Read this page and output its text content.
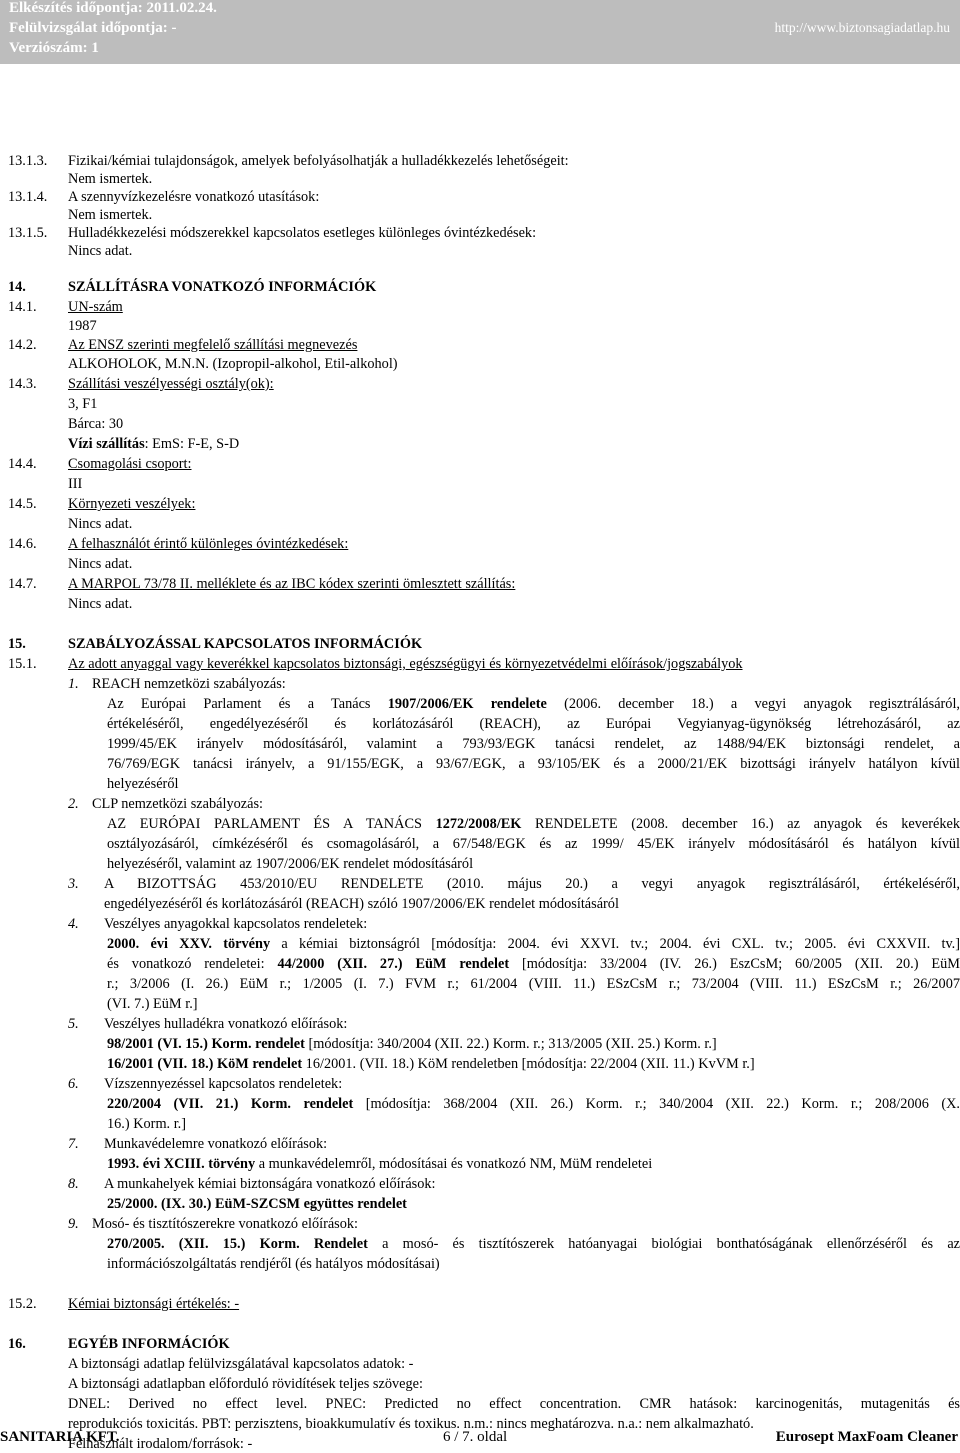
Elkészítés időpontja: 2011.02.24.
Felülvizsgálat időpontja: -
Verziószám: 1
http://www.biztonsagiadatlap.hu
13.1.3. Fizikai/kémiai tulajdonságok, amelyek befolyásolhatják a hulladékkezelés lehetőségeit:
Nem ismertek.
13.1.4. A szennyvízkezelésre vonatkozó utasítások:
Nem ismertek.
13.1.5. Hulladékkezelési módszerekkel kapcsolatos esetleges különleges óvintézkedések:
Nincs adat.
14.	SZÁLLÍTÁSRA VONATKOZÓ INFORMÁCIÓK
14.1. UN-szám
1987
14.2. Az ENSZ szerinti megfelelő szállítási megnevezés
ALKOHOLOK, M.N.N. (Izopropil-alkohol, Etil-alkohol)
14.3. Szállítási veszélyességi osztály(ok):
3, F1
Bárca: 30
Vízi szállítás: EmS: F-E, S-D
14.4. Csomagolási csoport:
III
14.5. Környezeti veszélyek:
Nincs adat.
14.6. A felhasználót érintő különleges óvintézkedések:
Nincs adat.
14.7. A MARPOL 73/78 II. melléklete és az IBC kódex szerinti ömlesztett szállítás:
Nincs adat.
15.	SZABÁLYOZÁSSAL KAPCSOLATOS INFORMÁCIÓK
15.1. Az adott anyaggal vagy keverékkel kapcsolatos biztonsági, egészségügyi és környezetvédelmi előírások/jogszabályok
1. REACH nemzetközi szabályozás:
Az Európai Parlament és a Tanács 1907/2006/EK rendelete (2006. december 18.) a vegyi anyagok regisztrálásáról,
értékeléséről, engedélyezéséről és korlátozásáról (REACH), az Európai Vegyianyag-ügynökség létrehozásáról, az
1999/45/EK irányelv módosításáról, valamint a 793/93/EGK tanácsi rendelet, az 1488/94/EK biztonsági rendelet, a
76/769/EGK tanácsi irányelv, a 91/155/EGK, a 93/67/EGK, a 93/105/EK és a 2000/21/EK bizottsági irányelv hatályon kívül
helyezéséről
2. CLP nemzetközi szabályozás:
AZ EURÓPAI PARLAMENT ÉS A TANÁCS 1272/2008/EK RENDELETE (2008. december 16.) az anyagok és keverékek
osztályozásáról, címkézéséről és csomagolásáról, a 67/548/EGK és az 1999/ 45/EK irányelv módosításáról és hatályon kívül
helyezéséről, valamint az 1907/2006/EK rendelet módosításáról
3. A BIZOTTSÁG 453/2010/EU RENDELETE (2010. május 20.) a vegyi anyagok regisztrálásáról, értékeléséről,
engedélyezéséről és korlátozásáról (REACH) szóló 1907/2006/EK rendelet módosításáról
4. Veszélyes anyagokkal kapcsolatos rendeletek:
2000. évi XXV. törvény a kémiai biztonságról [módosítja: 2004. évi XXVI. tv.; 2004. évi CXL. tv.; 2005. évi CXXVII. tv.]
és vonatkozó rendeletei: 44/2000 (XII. 27.) EüM rendelet [módosítja: 33/2004 (IV. 26.) EszCsM; 60/2005 (XII. 20.) EüM
r.; 3/2006 (I. 26.) EüM r.; 1/2005 (I. 7.) FVM r.; 61/2004 (VIII. 11.) ESzCsM r.; 73/2004 (VIII. 11.) ESzCsM r.; 26/2007
(VI. 7.) EüM r.]
5. Veszélyes hulladékra vonatkozó előírások:
98/2001 (VI. 15.) Korm. rendelet [módosítja: 340/2004 (XII. 22.) Korm. r.; 313/2005 (XII. 25.) Korm. r.]
16/2001 (VII. 18.) KöM rendelet 16/2001. (VII. 18.) KöM rendeletben [módosítja: 22/2004 (XII. 11.) KvVM r.]
6. Vízszennyezéssel kapcsolatos rendeletek:
220/2004 (VII. 21.) Korm. rendelet [módosítja: 368/2004 (XII. 26.) Korm. r.; 340/2004 (XII. 22.) Korm. r.; 208/2006 (X.
16.) Korm. r.]
7. Munkavédelemre vonatkozó előírások:
1993. évi XCIII. törvény a munkavédelemről, módosításai és vonatkozó NM, MüM rendeletei
8. A munkahelyek kémiai biztonságára vonatkozó előírások:
25/2000. (IX. 30.) EüM-SZCSM együttes rendelet
9. Mosó- és tisztítószerekre vonatkozó előírások:
270/2005. (XII. 15.) Korm. Rendelet a mosó- és tisztítószerek hatóanyagai biológiai bonthatóságának ellenőrzéséről és az
információszolgáltatás rendjéről (és hatályos módosításai)
15.2. Kémiai biztonsági értékelés: -
16.	EGYÉB INFORMÁCIÓK
A biztonsági adatlap felülvizsgálatával kapcsolatos adatok: -
A biztonsági adatlapban előforduló rövidítések teljes szövege:
DNEL: Derived no effect level. PNEC: Predicted no effect concentration. CMR hatások: karcinogenitás, mutagenitás és
reprodukciós toxicitás. PBT: perzisztens, bioakkumulatív és toxikus. n.m.: nincs meghatározva. n.a.: nem alkalmazható.
Felhasznált irodalom/források: -
SANITARIA KFT.	6 / 7. oldal	Eurosept MaxFoam Cleaner
